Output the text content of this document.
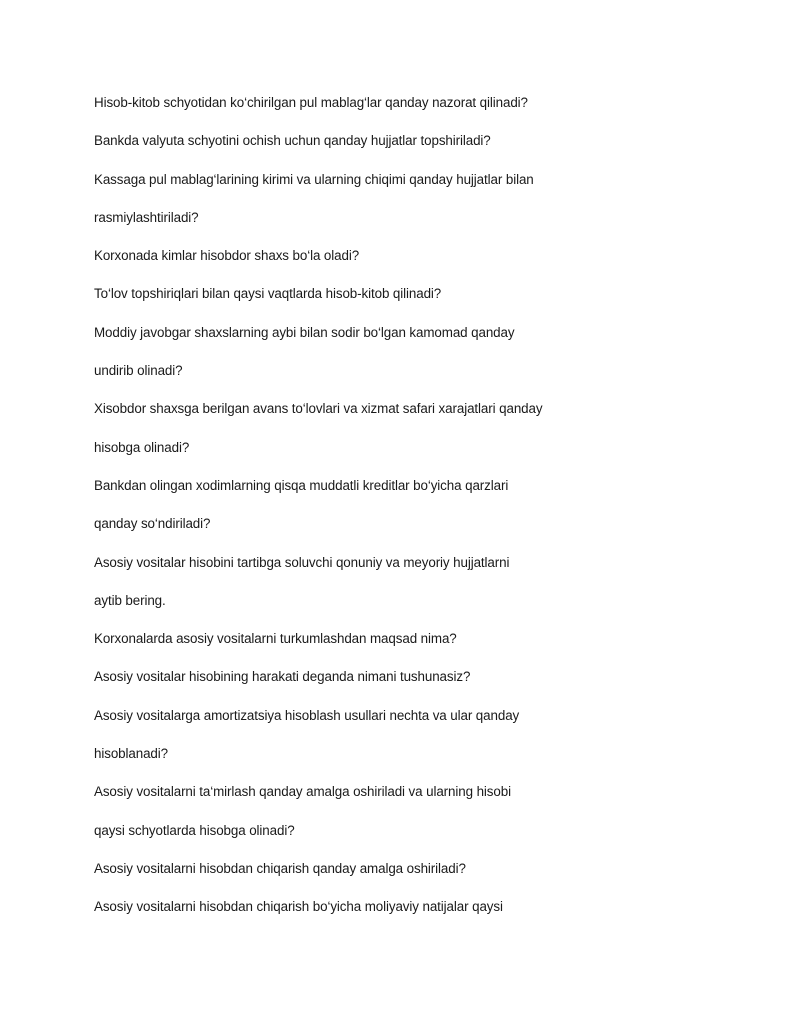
Hisob-kitob schyotidan ko‘chirilgan pul mablag‘lar qanday nazorat qilinadi?
Bankda valyuta schyotini ochish uchun qanday hujjatlar topshiriladi?
Kassaga pul mablag‘larining kirimi va ularning chiqimi qanday hujjatlar bilan
rasmiylashtiriladi?
Korxonada kimlar hisobdor shaxs bo‘la oladi?
To‘lov topshiriqlari bilan qaysi vaqtlarda hisob-kitob qilinadi?
Moddiy javobgar shaxslarning aybi bilan sodir bo‘lgan kamomad qanday
undirib olinadi?
Xisobdor shaxsga berilgan avans to‘lovlari va xizmat safari xarajatlari qanday
hisobga olinadi?
Bankdan olingan xodimlarning qisqa muddatli kreditlar bo‘yicha qarzlari
qanday so‘ndiriladi?
Asosiy vositalar hisobini tartibga soluvchi qonuniy va meyoriy hujjatlarni
aytib bering.
Korxonalarda asosiy vositalarni turkumlashdan maqsad nima?
Asosiy vositalar hisobining harakati deganda nimani tushunasiz?
Asosiy vositalarga amortizatsiya hisoblash usullari nechta va ular qanday
hisoblanadi?
Asosiy vositalarni ta‘mirlash qanday amalga oshiriladi va ularning hisobi
qaysi schyotlarda hisobga olinadi?
Asosiy vositalarni hisobdan chiqarish qanday amalga oshiriladi?
Asosiy vositalarni hisobdan chiqarish bo‘yicha moliyaviy natijalar qaysi
